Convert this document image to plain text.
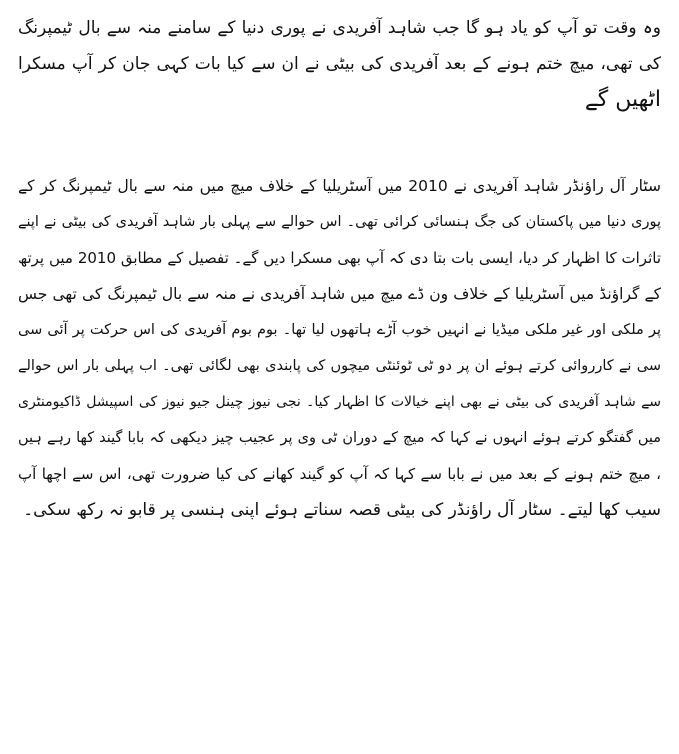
وہ وقت تو آپ کو یاد ہو گا جب شاہد آفریدی نے پوری دنیا کے سامنے منہ سے بال ٹیمپرنگ
کی تھی، میچ ختم ہونے کے بعد آفریدی کی بیٹی نے ان سے کیا بات کہی جان کر آپ مسکرا
اٹھیں گے
سٹار آل راؤنڈر شاہد آفریدی نے 2010 میں آسٹریلیا کے خلاف میچ میں منہ سے بال ٹیمپرنگ کر کے
پوری دنیا میں پاکستان کی جگ ہنسائی کرائی تھی۔ اس حوالے سے پہلی بار شاہد آفریدی کی بیٹی نے اپنے
تاثرات کا اظہار کر دیا، ایسی بات بتا دی کہ آپ بھی مسکرا دیں گے۔ تفصیل کے مطابق 2010 میں پرتھ
کے گراؤنڈ میں آسٹریلیا کے خلاف ون ڈے میچ میں شاہد آفریدی نے منہ سے بال ٹیمپرنگ کی تھی جس
پر ملکی اور غیر ملکی میڈیا نے انہیں خوب آڑے ہاتھوں لیا تھا۔ بوم بوم آفریدی کی اس حرکت پر آئی سی
سی نے کارروائی کرتے ہوئے ان پر دو ٹی ٹوئنٹی میچوں کی پابندی بھی لگائی تھی۔ اب پہلی بار اس حوالے
سے شاہد آفریدی کی بیٹی نے بھی اپنے خیالات کا اظہار کیا۔ نجی نیوز چینل جیو نیوز کی اسپیشل ڈاکیومنٹری
میں گفتگو کرتے ہوئے انہوں نے کہا کہ میچ کے دوران ٹی وی پر عجیب چیز دیکھی کہ بابا گیند کھا رہے ہیں
، میچ ختم ہونے کے بعد میں نے بابا سے کہا کہ آپ کو گیند کھانے کی کیا ضرورت تھی، اس سے اچھا آپ
سیب کھا لیتے۔ سٹار آل راؤنڈر کی بیٹی قصہ سناتے ہوئے اپنی ہنسی پر قابو نہ رکھ سکی۔
